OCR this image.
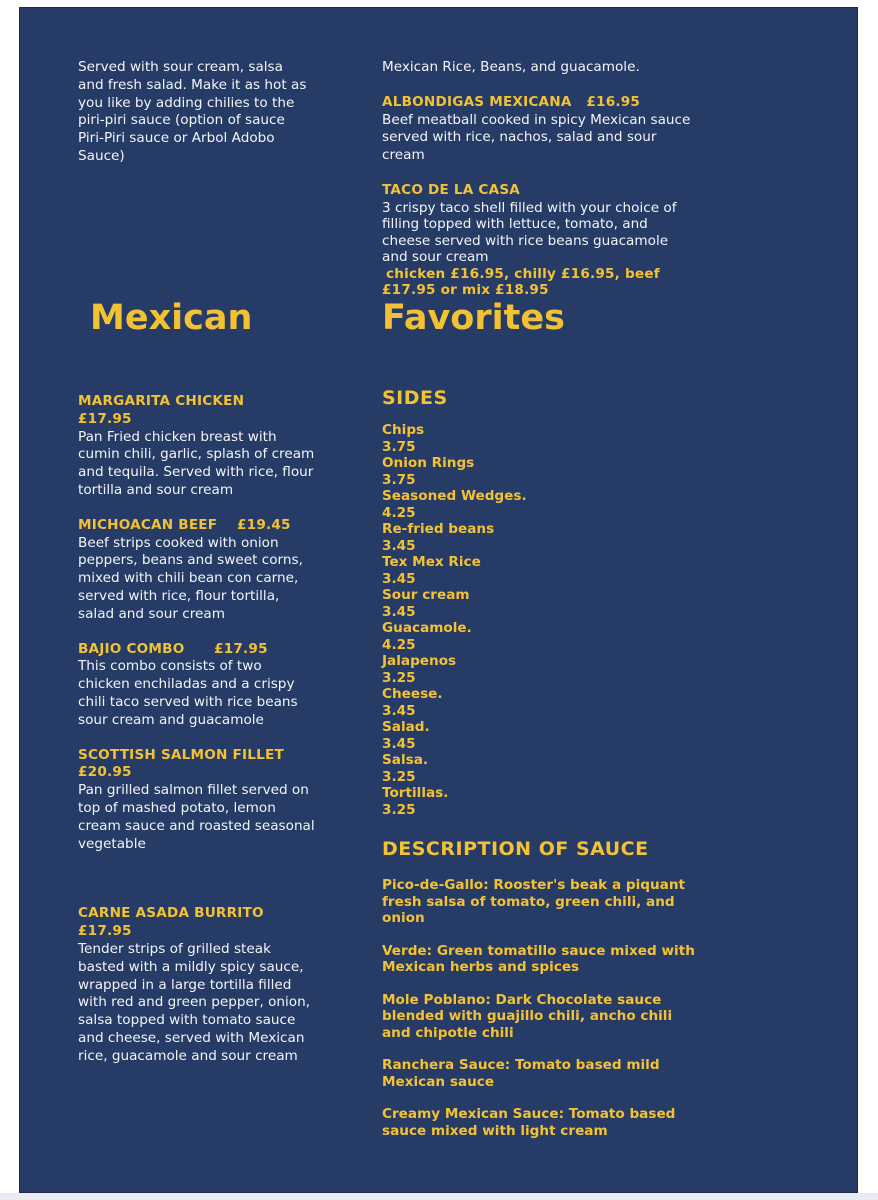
Served with sour cream, salsa and fresh salad. Make it as hot as you like by adding chilies to the piri-piri sauce (option of sauce Piri-Piri sauce or Arbol Adobo Sauce)

Mexican Rice, Beans, and guacamole.

ALBONDIGAS MEXICANA £16.95

Beef meatball cooked in spicy Mexican sauce served with rice, nachos, salad and sour cream

TACO DE LA CASA

3 crispy taco shell filled with your choice of filling topped with lettuce, tomato, and cheese served with rice beans guacamole and sour cream

chicken £16.95, chilly £16.95, beef

£17.95 or mix £18.95

Mexican	Favorites

MARGARITA CHICKEN

£17.95

Pan Fried chicken breast with cumin chili, garlic, splash of cream and tequila. Served with rice, flour tortilla and sour cream

MICHOACAN BEEF £19.45

Beef strips cooked with onion peppers, beans and sweet corns, mixed with chili bean con carne, served with rice, flour tortilla, salad and sour cream

BAJIO COMBO £17.95

This combo consists of two chicken enchiladas and a crispy chili taco served with rice beans sour cream and guacamole

SCOTTISH SALMON FILLET

£20.95

Pan grilled salmon fillet served on top of mashed potato, lemon cream sauce and roasted seasonal vegetable

CARNE ASADA BURRITO

£17.95

Tender strips of grilled steak basted with a mildly spicy sauce, wrapped in a large tortilla filled with red and green pepper, onion, salsa topped with tomato sauce and cheese, served with Mexican rice, guacamole and sour cream

SIDES

Chips
3.75
Onion Rings
3.75
Seasoned Wedges.
4.25
Re-fried beans
3.45
Tex Mex Rice
3.45
Sour cream
3.45
Guacamole.
4.25
Jalapenos
3.25
Cheese.
3.45
Salad.
3.45
Salsa.
3.25
Tortillas.
3.25

DESCRIPTION OF SAUCE

Pico-de-Gallo: Rooster's beak a piquant fresh salsa of tomato, green chili, and onion

Verde: Green tomatillo sauce mixed with Mexican herbs and spices

Mole Poblano: Dark Chocolate sauce blended with guajillo chili, ancho chili and chipotle chili

Ranchera Sauce: Tomato based mild Mexican sauce

Creamy Mexican Sauce: Tomato based sauce mixed with light cream
